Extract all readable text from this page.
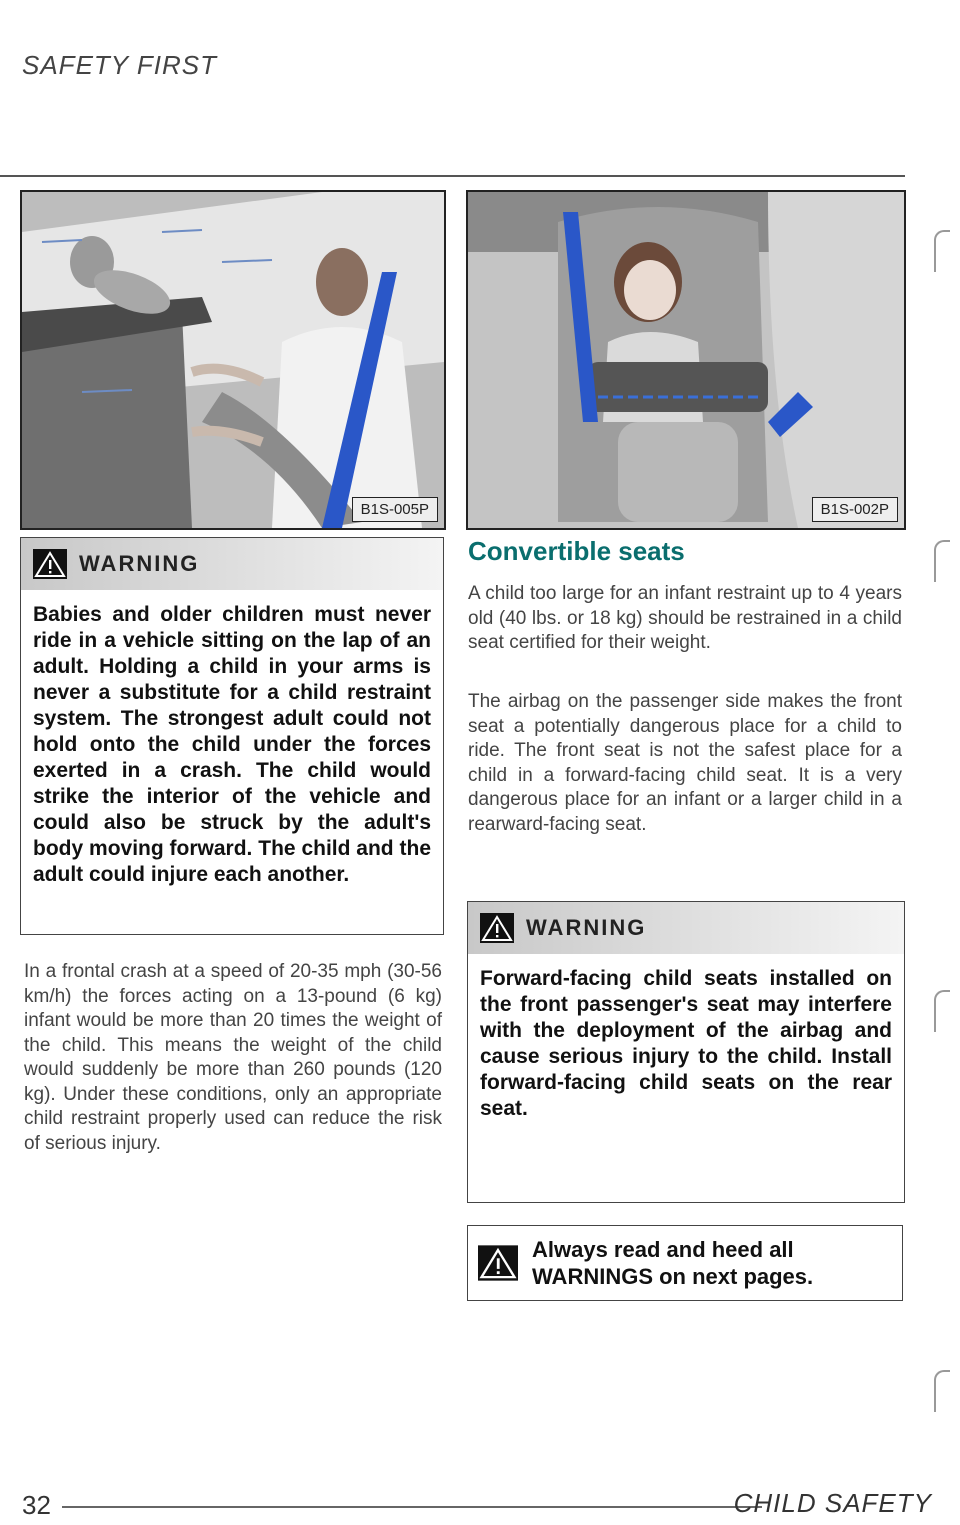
SAFETY FIRST
B1S-005P	B1S-002P
WARNING
Babies and older children must never ride in a vehicle sitting on the lap of an adult. Holding a child in your arms is never a substitute for a child restraint system. The strongest adult could not hold onto the child under the forces exerted in a crash. The child would strike the interior of the vehicle and could also be struck by the adult's body moving forward. The child and the adult could injure each another.
In a frontal crash at a speed of 20-35 mph (30-56 km/h) the forces acting on a 13-pound (6 kg) infant would be more than 20 times the weight of the child. This means the weight of the child would suddenly be more than 260 pounds (120 kg). Under these conditions, only an appropriate child restraint properly used can reduce the risk of serious injury.
Convertible seats
A child too large for an infant restraint up to 4 years old (40 lbs. or 18 kg) should be restrained in a child seat certified for their weight.
The airbag on the passenger side makes the front seat a potentially dangerous place for a child to ride. The front seat is not the safest place for a child in a forward-facing child seat. It is a very dangerous place for an infant or a larger child in a rearward-facing seat.
WARNING
Forward-facing child seats installed on the front passenger's seat may interfere with the deployment of the airbag and cause serious injury to the child. Install forward-facing child seats on the rear seat.
Always read and heed all WARNINGS on next pages.
32	CHILD SAFETY
